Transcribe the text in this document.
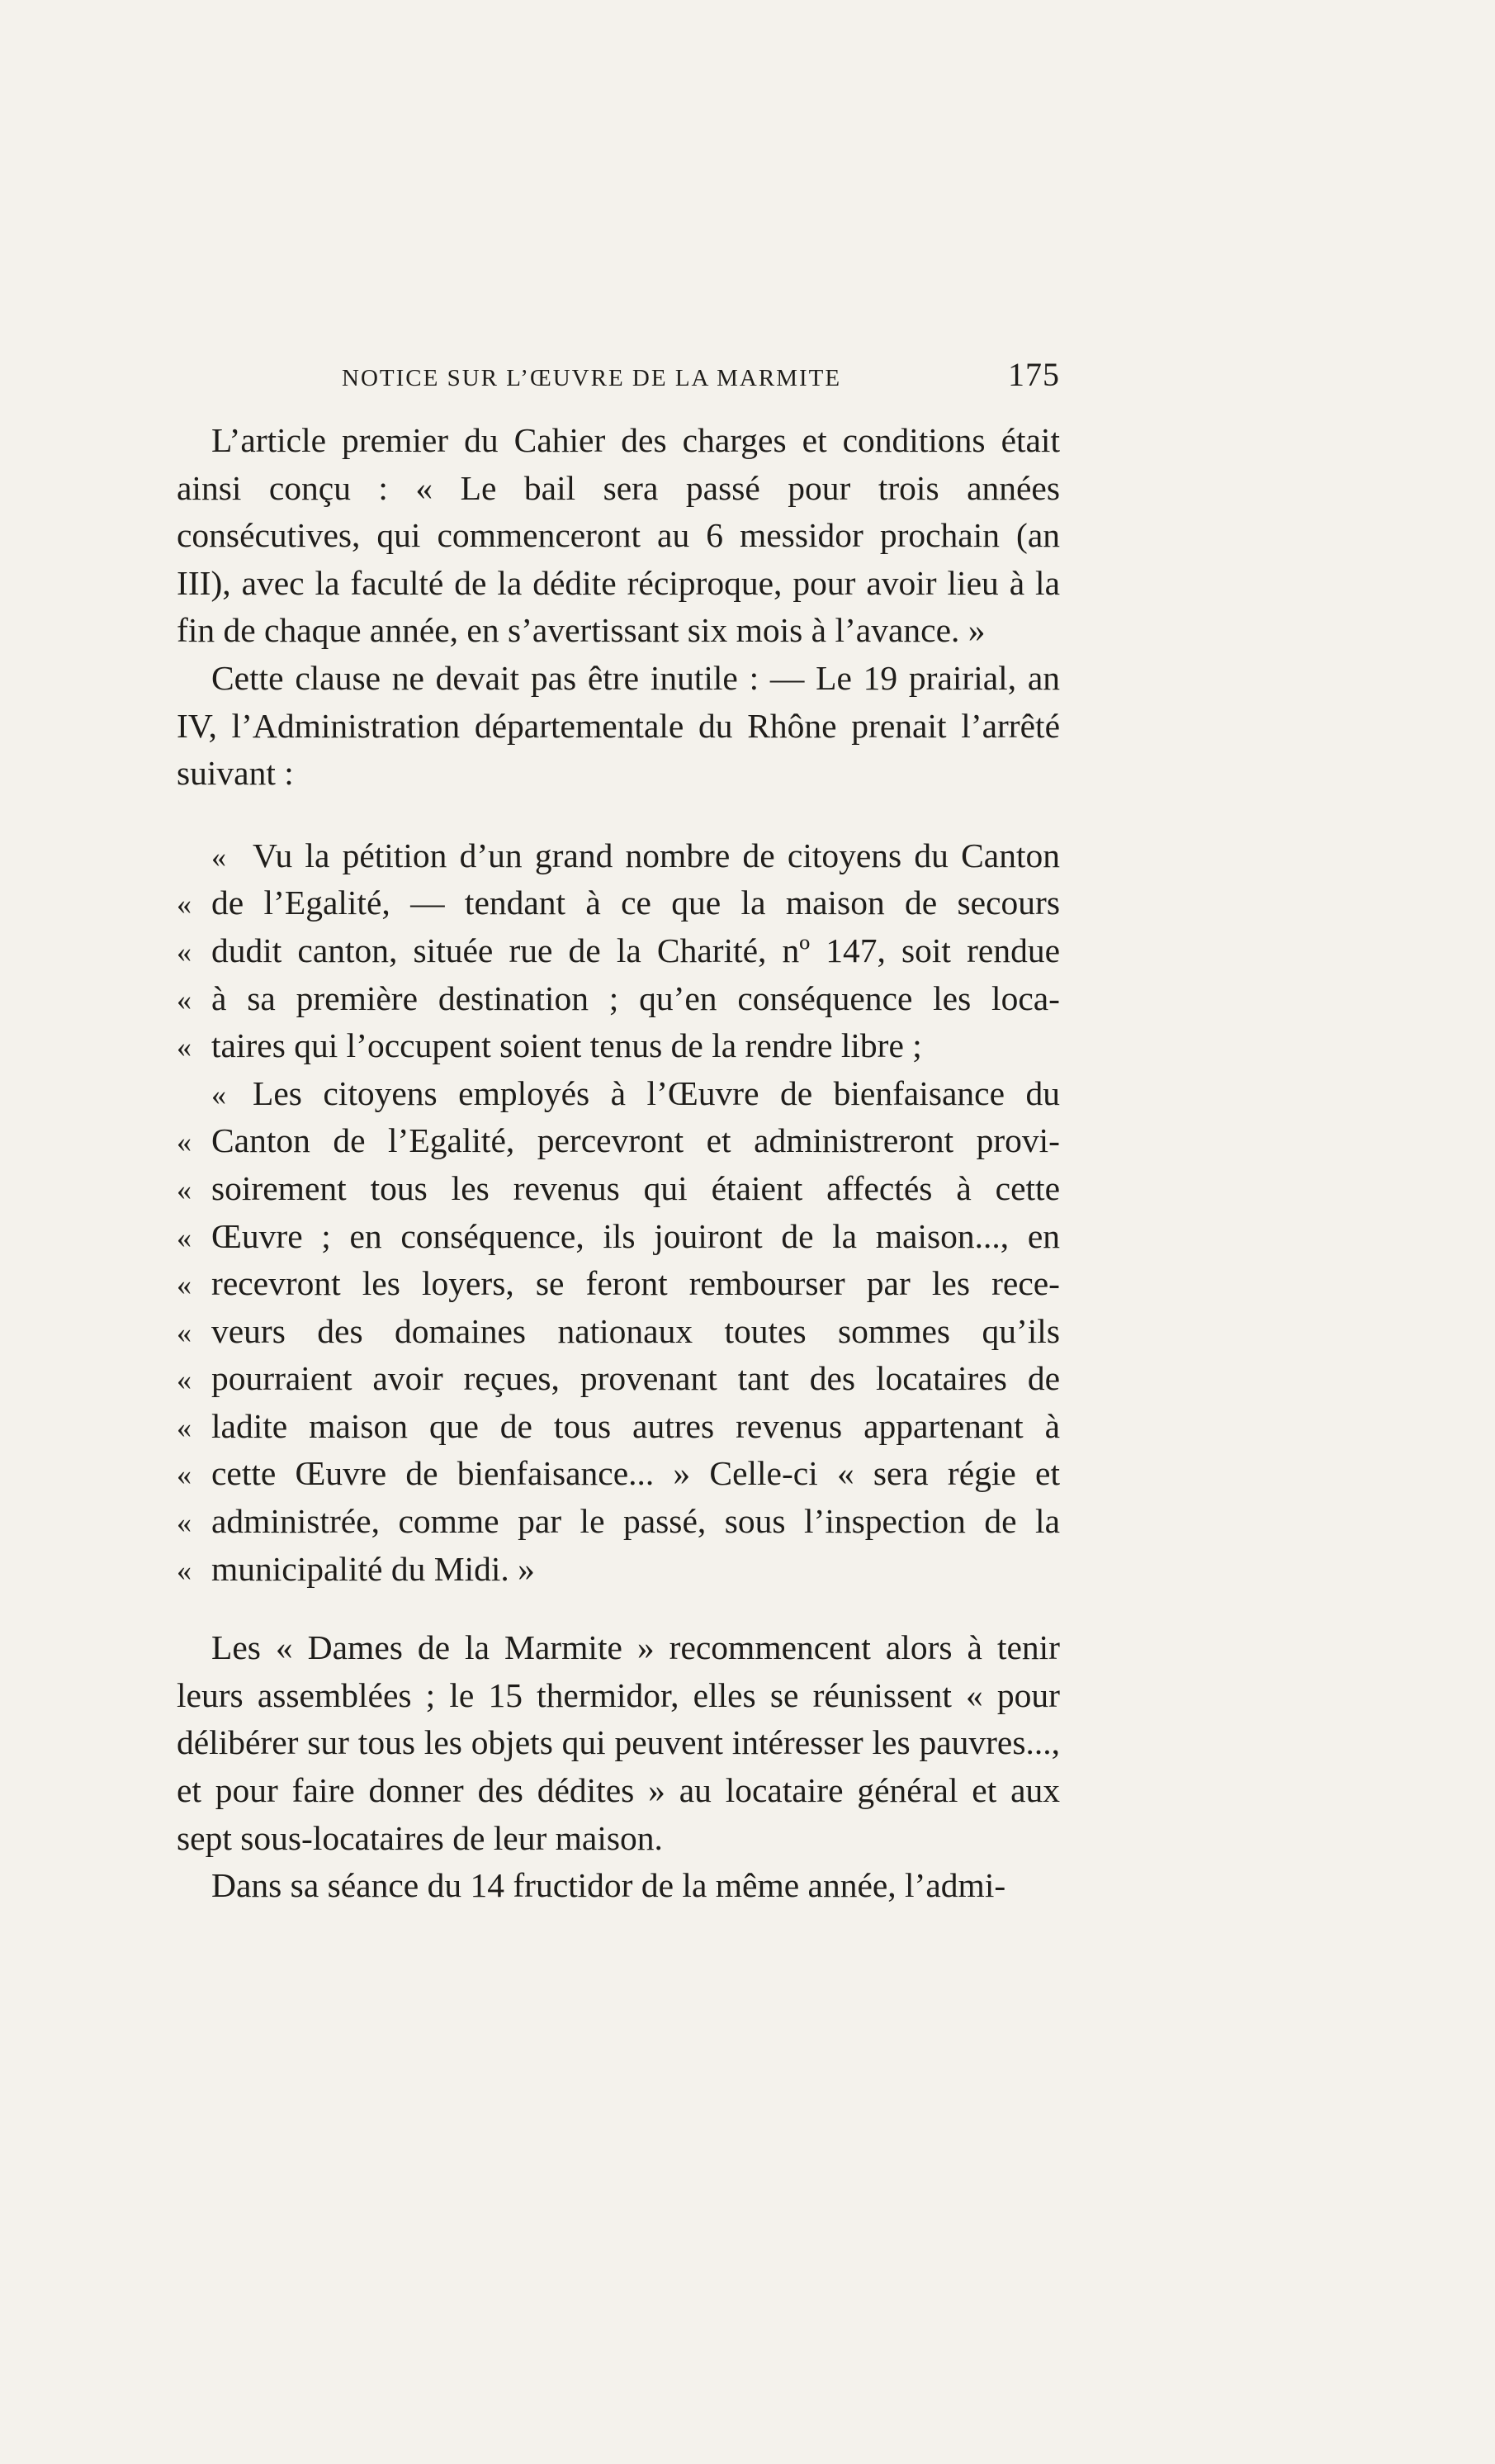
NOTICE SUR L’ŒUVRE DE LA MARMITE	175

L’article premier du Cahier des charges et conditions était ainsi conçu : « Le bail sera passé pour trois années consécutives, qui commenceront au 6 messidor prochain (an III), avec la faculté de la dédite réciproque, pour avoir lieu à la fin de chaque année, en s’avertissant six mois à l’avance. »

Cette clause ne devait pas être inutile : — Le 19 prairial, an IV, l’Administration départementale du Rhône prenait l’arrêté suivant :

« Vu la pétition d’un grand nombre de citoyens du Canton
« de l’Egalité, — tendant à ce que la maison de secours
« dudit canton, située rue de la Charité, nº 147, soit rendue
« à sa première destination ; qu’en conséquence les loca-
« taires qui l’occupent soient tenus de la rendre libre ;
« Les citoyens employés à l’Œuvre de bienfaisance du
« Canton de l’Egalité, percevront et administreront provi-
« soirement tous les revenus qui étaient affectés à cette
« Œuvre ; en conséquence, ils jouiront de la maison..., en
« recevront les loyers, se feront rembourser par les rece-
« veurs des domaines nationaux toutes sommes qu’ils
« pourraient avoir reçues, provenant tant des locataires de
« ladite maison que de tous autres revenus appartenant à
« cette Œuvre de bienfaisance... » Celle-ci « sera régie et
« administrée, comme par le passé, sous l’inspection de la
« municipalité du Midi. »

Les « Dames de la Marmite » recommencent alors à tenir leurs assemblées ; le 15 thermidor, elles se réunissent « pour délibérer sur tous les objets qui peuvent intéresser les pauvres..., et pour faire donner des dédites » au locataire général et aux sept sous-locataires de leur maison.

Dans sa séance du 14 fructidor de la même année, l’admi-
